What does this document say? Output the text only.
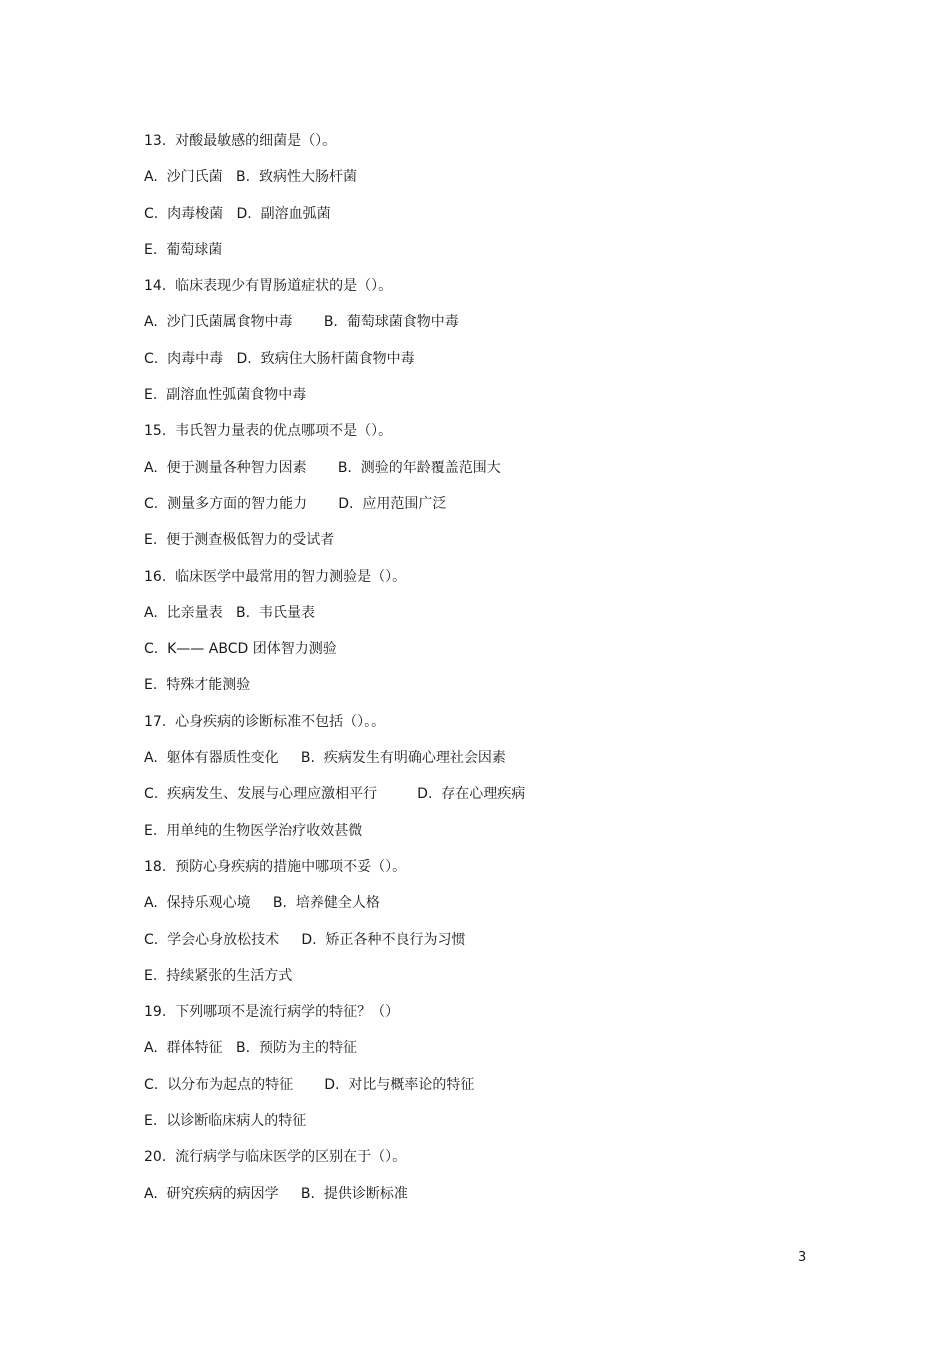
13.  对酸最敏感的细菌是（）。
A.  沙门氏菌   B.  致病性大肠杆菌
C.  肉毒梭菌   D.  副溶血弧菌
E.  葡萄球菌
14.  临床表现少有胃肠道症状的是（）。
A.  沙门氏菌属食物中毒       B.  葡萄球菌食物中毒
C.  肉毒中毒   D.  致病住大肠杆菌食物中毒
E.  副溶血性弧菌食物中毒
15.  韦氏智力量表的优点哪项不是（）。
A.  便于测量各种智力因素       B.  测验的年龄覆盖范围大
C.  测量多方面的智力能力       D.  应用范围广泛
E.  便于测查极低智力的受试者
16.  临床医学中最常用的智力测验是（）。
A.  比亲量表   B.  韦氏量表
C.  K—— ABCD 团体智力测验
E.  特殊才能测验
17.  心身疾病的诊断标准不包括（）。。
A.  躯体有器质性变化     B.  疾病发生有明确心理社会因素
C.  疾病发生、发展与心理应激相平行         D.  存在心理疾病
E.  用单纯的生物医学治疗收效甚微
18.  预防心身疾病的措施中哪项不妥（）。
A.  保持乐观心境     B.  培养健全人格
C.  学会心身放松技术     D.  矫正各种不良行为习惯
E.  持续紧张的生活方式
19.  下列哪项不是流行病学的特征？（）
A.  群体特征   B.  预防为主的特征
C.  以分布为起点的特征       D.  对比与概率论的特征
E.  以诊断临床病人的特征
20.  流行病学与临床医学的区别在于（）。
A.  研究疾病的病因学     B.  提供诊断标准
3
